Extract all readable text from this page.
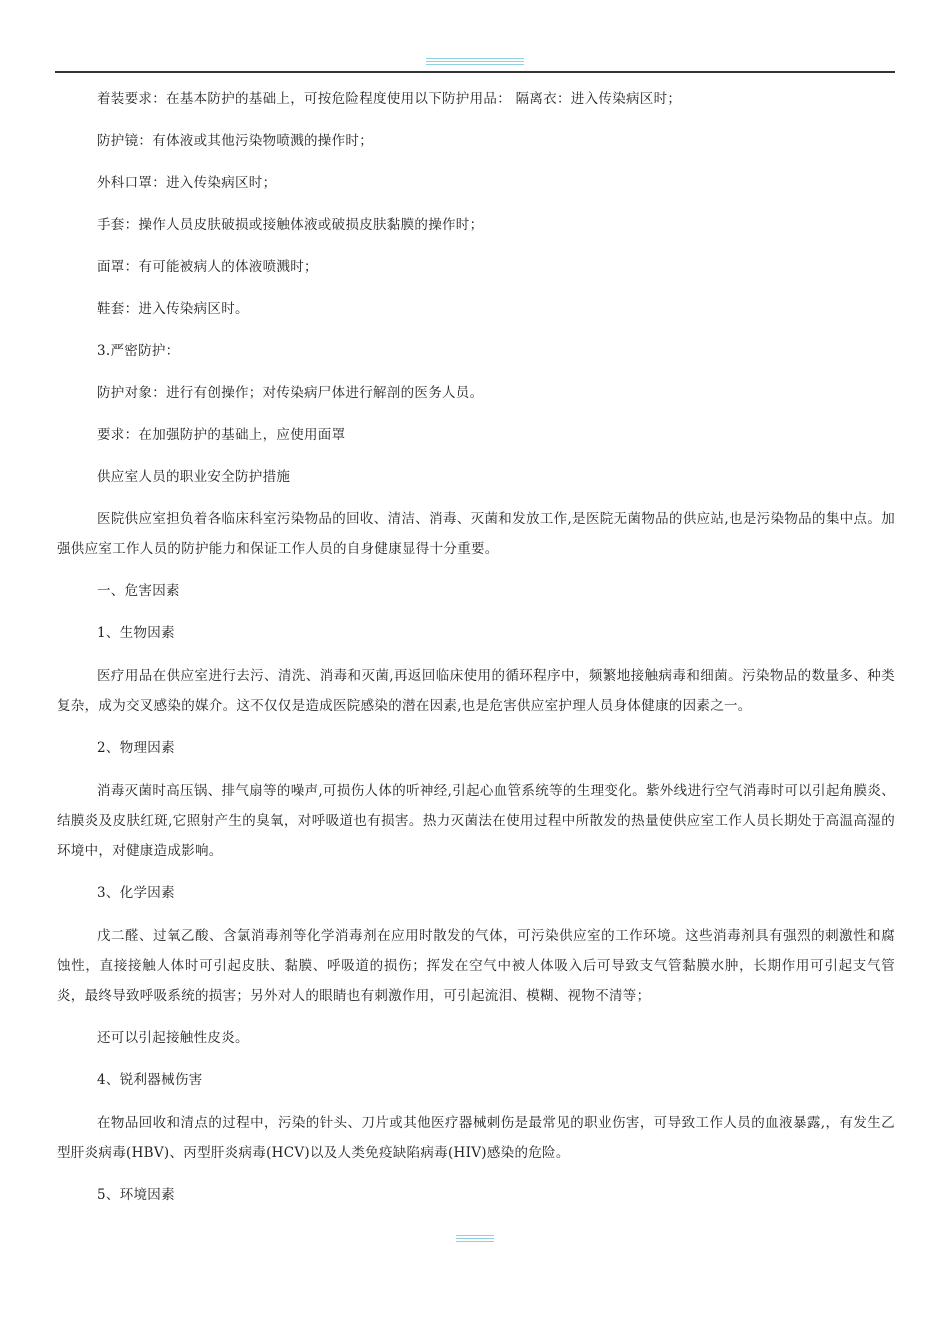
着装要求：在基本防护的基础上，可按危险程度使用以下防护用品： 隔离衣：进入传染病区时；

防护镜：有体液或其他污染物喷溅的操作时；

外科口罩：进入传染病区时；

手套：操作人员皮肤破损或接触体液或破损皮肤黏膜的操作时；

面罩：有可能被病人的体液喷溅时；

鞋套：进入传染病区时。

3.严密防护：

防护对象：进行有创操作；对传染病尸体进行解剖的医务人员。

要求：在加强防护的基础上，应使用面罩

供应室人员的职业安全防护措施

医院供应室担负着各临床科室污染物品的回收、清洁、消毒、灭菌和发放工作,是医院无菌物品的供应站,也是污染物品的集中点。加强供应室工作人员的防护能力和保证工作人员的自身健康显得十分重要。

一、危害因素

1、生物因素

医疗用品在供应室进行去污、清洗、消毒和灭菌,再返回临床使用的循环程序中，频繁地接触病毒和细菌。污染物品的数量多、种类复杂，成为交叉感染的媒介。这不仅仅是造成医院感染的潜在因素,也是危害供应室护理人员身体健康的因素之一。

2、物理因素

消毒灭菌时高压锅、排气扇等的噪声,可损伤人体的听神经,引起心血管系统等的生理变化。紫外线进行空气消毒时可以引起角膜炎、结膜炎及皮肤红斑,它照射产生的臭氧，对呼吸道也有损害。热力灭菌法在使用过程中所散发的热量使供应室工作人员长期处于高温高湿的环境中，对健康造成影响。

3、化学因素

戊二醛、过氧乙酸、含氯消毒剂等化学消毒剂在应用时散发的气体，可污染供应室的工作环境。这些消毒剂具有强烈的刺激性和腐蚀性，直接接触人体时可引起皮肤、黏膜、呼吸道的损伤；挥发在空气中被人体吸入后可导致支气管黏膜水肿，长期作用可引起支气管炎，最终导致呼吸系统的损害；另外对人的眼睛也有刺激作用，可引起流泪、模糊、视物不清等；

还可以引起接触性皮炎。

4、锐利器械伤害

在物品回收和清点的过程中，污染的针头、刀片或其他医疗器械刺伤是最常见的职业伤害，可导致工作人员的血液暴露,，有发生乙型肝炎病毒(HBV)、丙型肝炎病毒(HCV)以及人类免疫缺陷病毒(HIV)感染的危险。

5、环境因素
